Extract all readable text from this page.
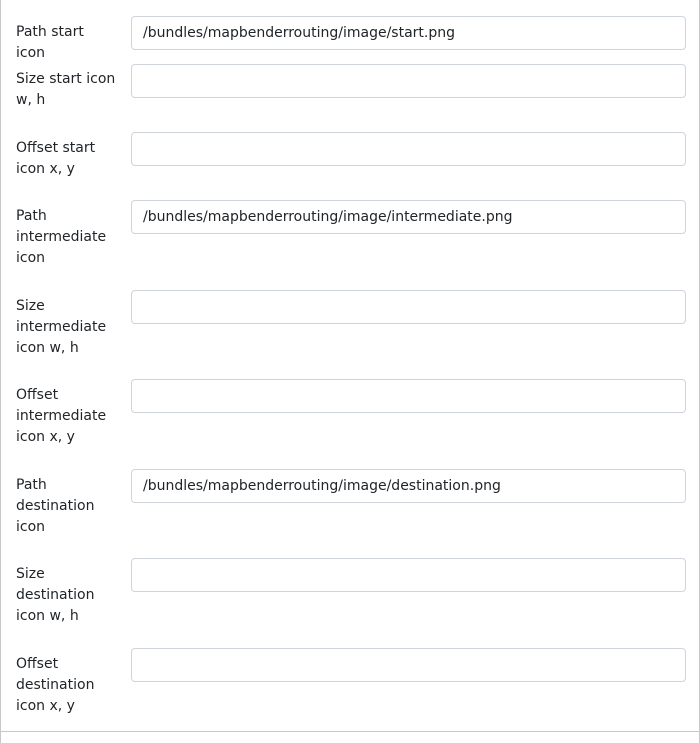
Path start icon
/bundles/mapbenderrouting/image/start.png
Size start icon w, h
Offset start icon x, y
Path intermediate icon
/bundles/mapbenderrouting/image/intermediate.png
Size intermediate icon w, h
Offset intermediate icon x, y
Path destination icon
/bundles/mapbenderrouting/image/destination.png
Size destination icon w, h
Offset destination icon x, y
